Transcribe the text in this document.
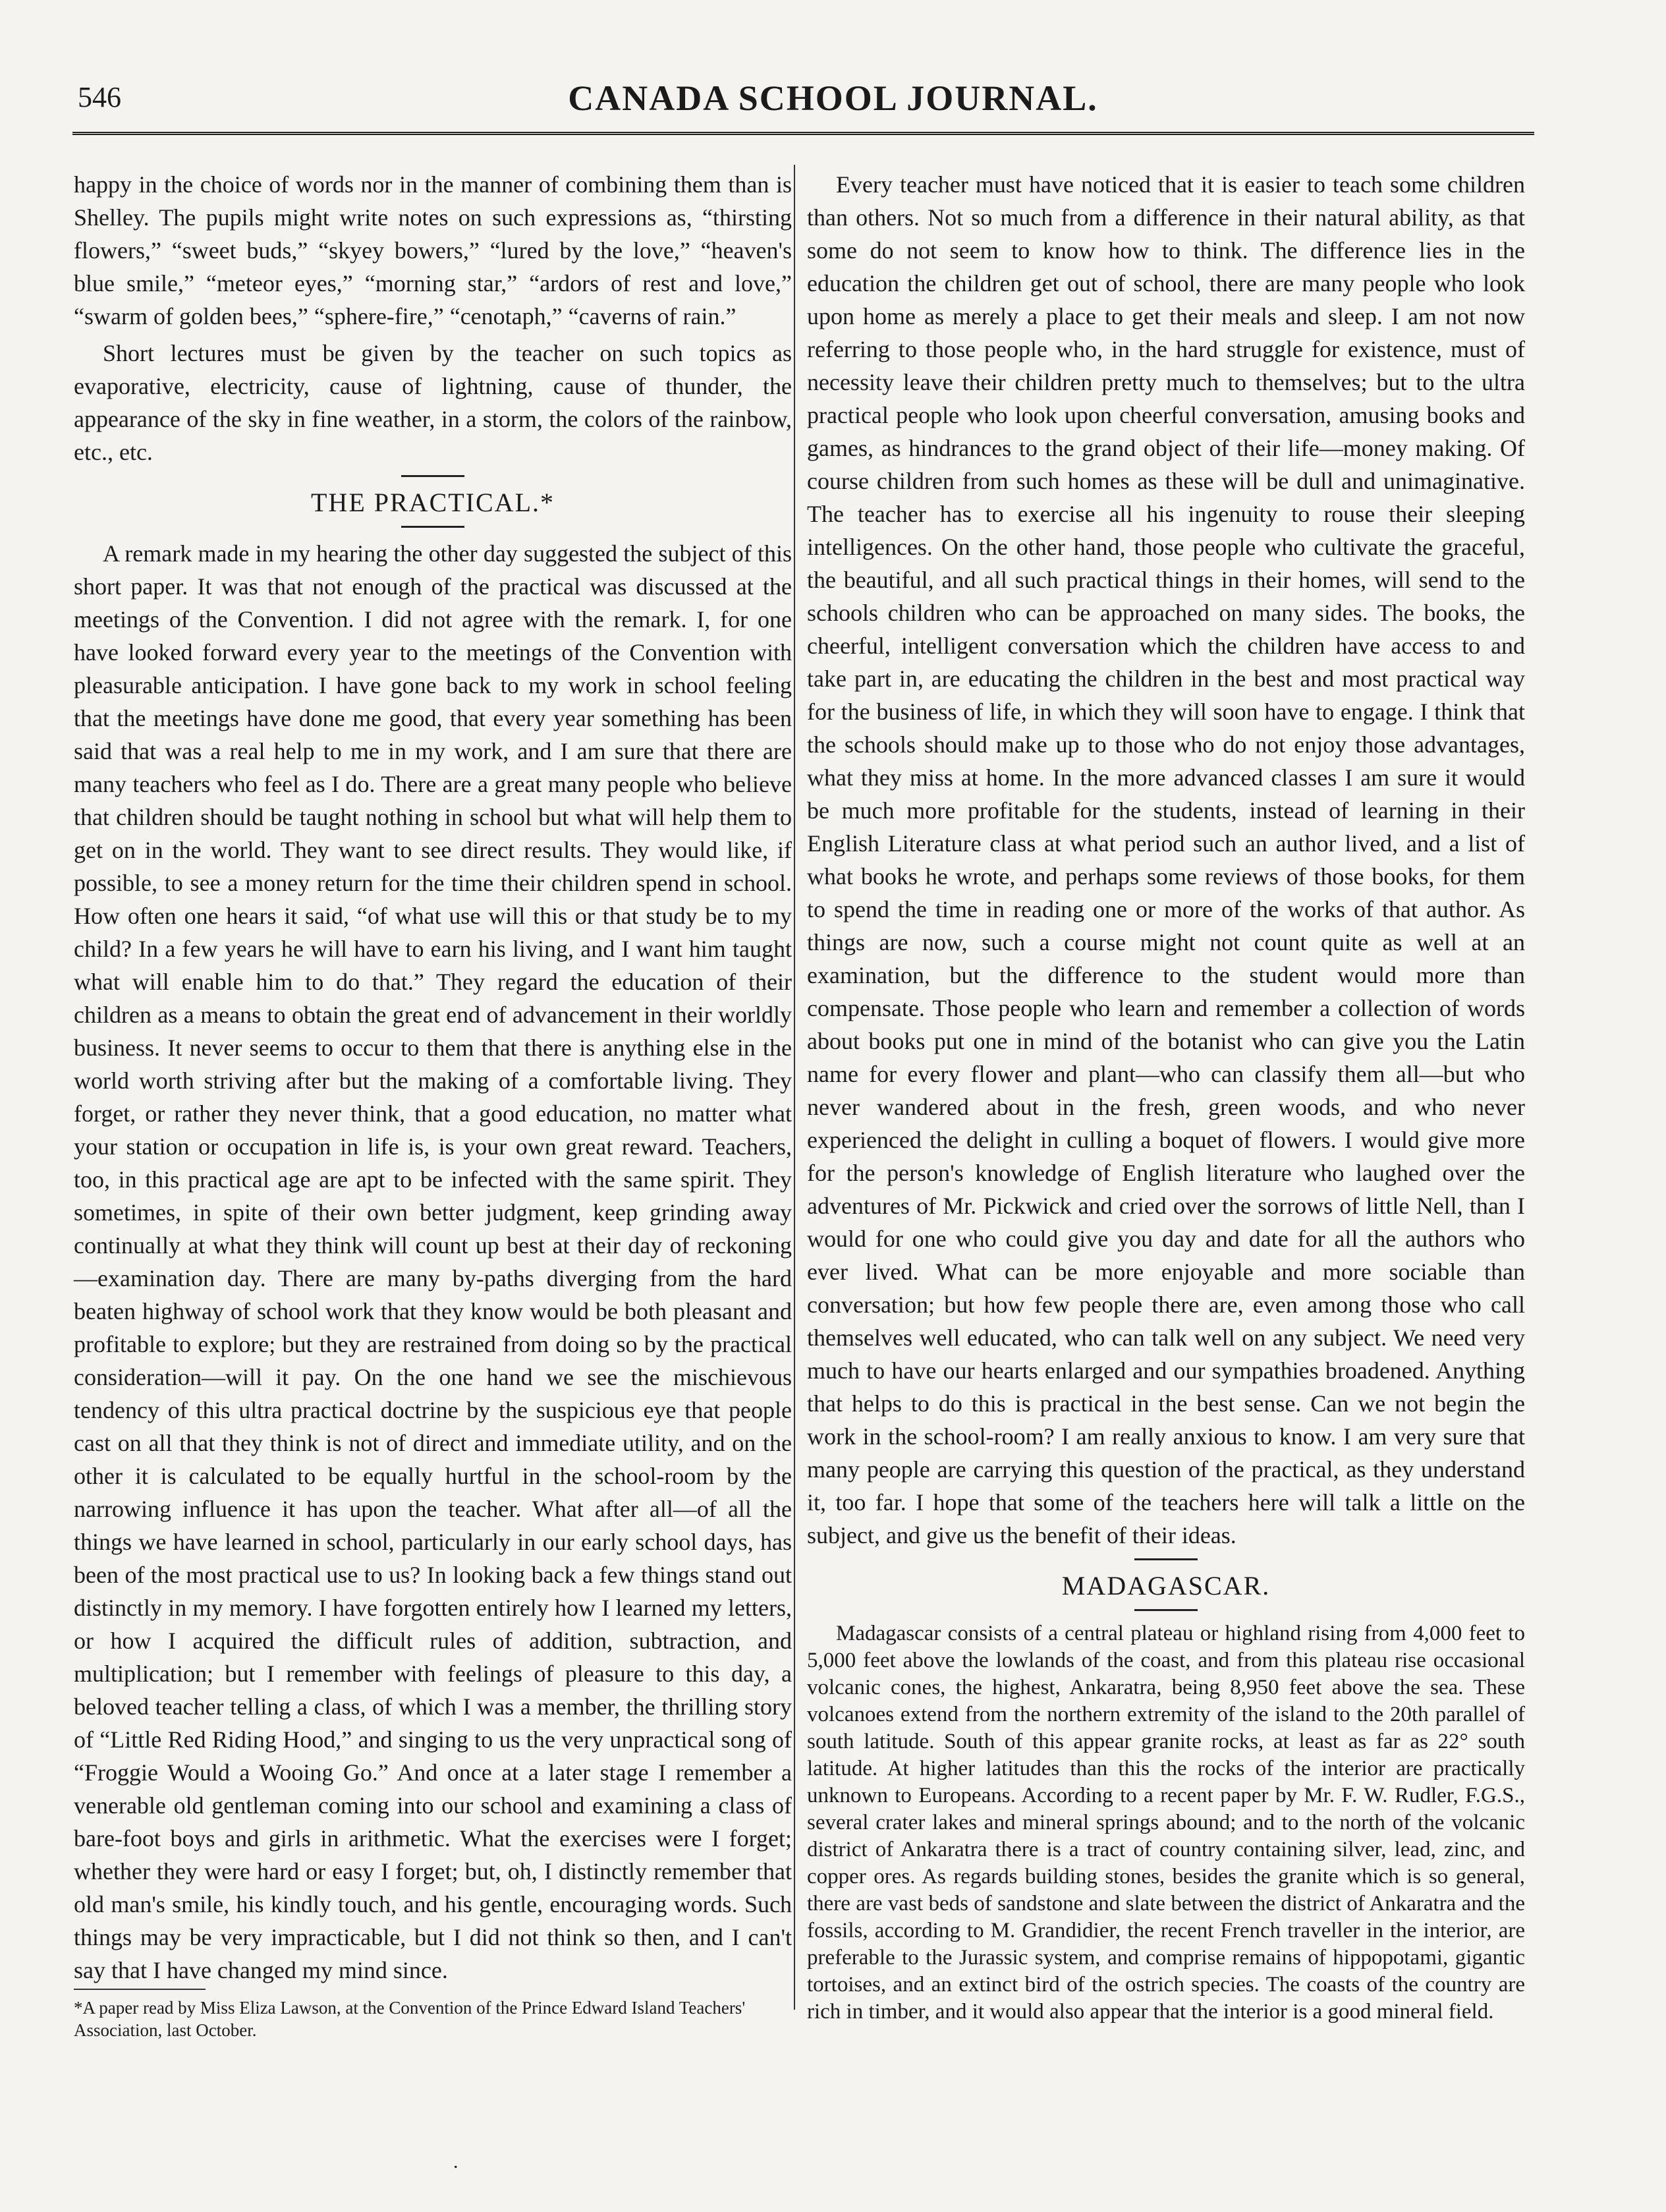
546	CANADA SCHOOL JOURNAL.

happy in the choice of words nor in the manner of combining them than is Shelley. The pupils might write notes on such expressions as, “thirsting flowers,” “sweet buds,” “skyey bowers,” “lured by the love,” “heaven's blue smile,” “meteor eyes,” “morning star,” “ardors of rest and love,” “swarm of golden bees,” “sphere-fire,” “cenotaph,” “caverns of rain.”

Short lectures must be given by the teacher on such topics as evaporative, electricity, cause of lightning, cause of thunder, the appearance of the sky in fine weather, in a storm, the colors of the rainbow, etc., etc.

THE PRACTICAL.*

A remark made in my hearing the other day suggested the subject of this short paper. It was that not enough of the practical was discussed at the meetings of the Convention. I did not agree with the remark. I, for one have looked forward every year to the meetings of the Convention with pleasurable anticipation. I have gone back to my work in school feeling that the meetings have done me good, that every year something has been said that was a real help to me in my work, and I am sure that there are many teachers who feel as I do. There are a great many people who believe that children should be taught nothing in school but what will help them to get on in the world. They want to see direct results. They would like, if possible, to see a money return for the time their children spend in school. How often one hears it said, “of what use will this or that study be to my child? In a few years he will have to earn his living, and I want him taught what will enable him to do that.” They regard the education of their children as a means to obtain the great end of advancement in their worldly business. It never seems to occur to them that there is anything else in the world worth striving after but the making of a comfortable living. They forget, or rather they never think, that a good education, no matter what your station or occupation in life is, is your own great reward. Teachers, too, in this practical age are apt to be infected with the same spirit. They sometimes, in spite of their own better judgment, keep grinding away continually at what they think will count up best at their day of reckoning—examination day. There are many by-paths diverging from the hard beaten highway of school work that they know would be both pleasant and profitable to explore; but they are restrained from doing so by the practical consideration—will it pay. On the one hand we see the mischievous tendency of this ultra practical doctrine by the suspicious eye that people cast on all that they think is not of direct and immediate utility, and on the other it is calculated to be equally hurtful in the school-room by the narrowing influence it has upon the teacher. What after all—of all the things we have learned in school, particularly in our early school days, has been of the most practical use to us? In looking back a few things stand out distinctly in my memory. I have forgotten entirely how I learned my letters, or how I acquired the difficult rules of addition, subtraction, and multiplication; but I remember with feelings of pleasure to this day, a beloved teacher telling a class, of which I was a member, the thrilling story of “Little Red Riding Hood,” and singing to us the very unpractical song of “Froggie Would a Wooing Go.” And once at a later stage I remember a venerable old gentleman coming into our school and examining a class of bare-foot boys and girls in arithmetic. What the exercises were I forget; whether they were hard or easy I forget; but, oh, I distinctly remember that old man's smile, his kindly touch, and his gentle, encouraging words. Such things may be very impracticable, but I did not think so then, and I can't say that I have changed my mind since.

*A paper read by Miss Eliza Lawson, at the Convention of the Prince Edward Island Teachers' Association, last October.

Every teacher must have noticed that it is easier to teach some children than others. Not so much from a difference in their natural ability, as that some do not seem to know how to think. The difference lies in the education the children get out of school, there are many people who look upon home as merely a place to get their meals and sleep. I am not now referring to those people who, in the hard struggle for existence, must of necessity leave their children pretty much to themselves; but to the ultra practical people who look upon cheerful conversation, amusing books and games, as hindrances to the grand object of their life—money making. Of course children from such homes as these will be dull and unimaginative. The teacher has to exercise all his ingenuity to rouse their sleeping intelligences. On the other hand, those people who cultivate the graceful, the beautiful, and all such practical things in their homes, will send to the schools children who can be approached on many sides. The books, the cheerful, intelligent conversation which the children have access to and take part in, are educating the children in the best and most practical way for the business of life, in which they will soon have to engage. I think that the schools should make up to those who do not enjoy those advantages, what they miss at home. In the more advanced classes I am sure it would be much more profitable for the students, instead of learning in their English Literature class at what period such an author lived, and a list of what books he wrote, and perhaps some reviews of those books, for them to spend the time in reading one or more of the works of that author. As things are now, such a course might not count quite as well at an examination, but the difference to the student would more than compensate. Those people who learn and remember a collection of words about books put one in mind of the botanist who can give you the Latin name for every flower and plant—who can classify them all—but who never wandered about in the fresh, green woods, and who never experienced the delight in culling a boquet of flowers. I would give more for the person's knowledge of English literature who laughed over the adventures of Mr. Pickwick and cried over the sorrows of little Nell, than I would for one who could give you day and date for all the authors who ever lived. What can be more enjoyable and more sociable than conversation; but how few people there are, even among those who call themselves well educated, who can talk well on any subject. We need very much to have our hearts enlarged and our sympathies broadened. Anything that helps to do this is practical in the best sense. Can we not begin the work in the school-room? I am really anxious to know. I am very sure that many people are carrying this question of the practical, as they understand it, too far. I hope that some of the teachers here will talk a little on the subject, and give us the benefit of their ideas.

MADAGASCAR.

Madagascar consists of a central plateau or highland rising from 4,000 feet to 5,000 feet above the lowlands of the coast, and from this plateau rise occasional volcanic cones, the highest, Ankaratra, being 8,950 feet above the sea. These volcanoes extend from the northern extremity of the island to the 20th parallel of south latitude. South of this appear granite rocks, at least as far as 22° south latitude. At higher latitudes than this the rocks of the interior are practically unknown to Europeans. According to a recent paper by Mr. F. W. Rudler, F.G.S., several crater lakes and mineral springs abound; and to the north of the volcanic district of Ankaratra there is a tract of country containing silver, lead, zinc, and copper ores. As regards building stones, besides the granite which is so general, there are vast beds of sandstone and slate between the district of Ankaratra and the fossils, according to M. Grandidier, the recent French traveller in the interior, are preferable to the Jurassic system, and comprise remains of hippopotami, gigantic tortoises, and an extinct bird of the ostrich species. The coasts of the country are rich in timber, and it would also appear that the interior is a good mineral field.

.
